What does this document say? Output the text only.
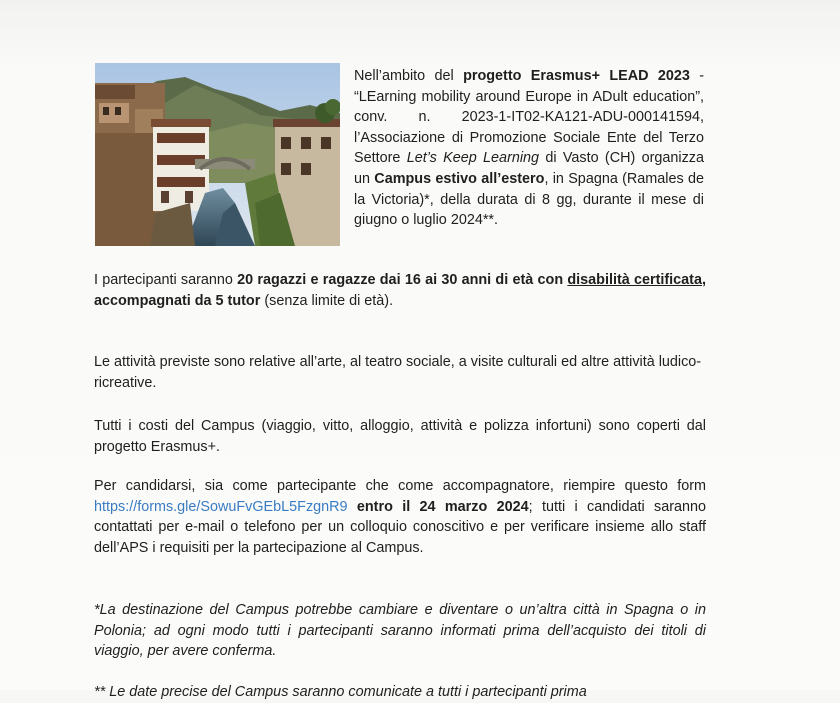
Nell’ambito del progetto Erasmus+ LEAD 2023 - “LEarning mobility around Europe in ADult education”, conv. n. 2023-1-IT02-KA121-ADU-000141594, l’Associazione di Promozione Sociale Ente del Terzo Settore Let’s Keep Learning di Vasto (CH) organizza un Campus estivo all’estero, in Spagna (Ramales de la Victoria)*, della durata di 8 gg, durante il mese di giugno o luglio 2024**.

I partecipanti saranno 20 ragazzi e ragazze dai 16 ai 30 anni di età con disabilità certificata, accompagnati da 5 tutor (senza limite di età).

Le attività previste sono relative all’arte, al teatro sociale, a visite culturali ed altre attività ludico-ricreative.

Tutti i costi del Campus (viaggio, vitto, alloggio, attività e polizza infortuni) sono coperti dal progetto Erasmus+.

Per candidarsi, sia come partecipante che come accompagnatore, riempire questo form https://forms.gle/SowuFvGEbL5FzgnR9 entro il 24 marzo 2024; tutti i candidati saranno contattati per e-mail o telefono per un colloquio conoscitivo e per verificare insieme allo staff dell’APS i requisiti per la partecipazione al Campus.

*La destinazione del Campus potrebbe cambiare e diventare o un’altra città in Spagna o in Polonia; ad ogni modo tutti i partecipanti saranno informati prima dell’acquisto dei titoli di viaggio, per avere conferma.

** Le date precise del Campus saranno comunicate a tutti i partecipanti prima
